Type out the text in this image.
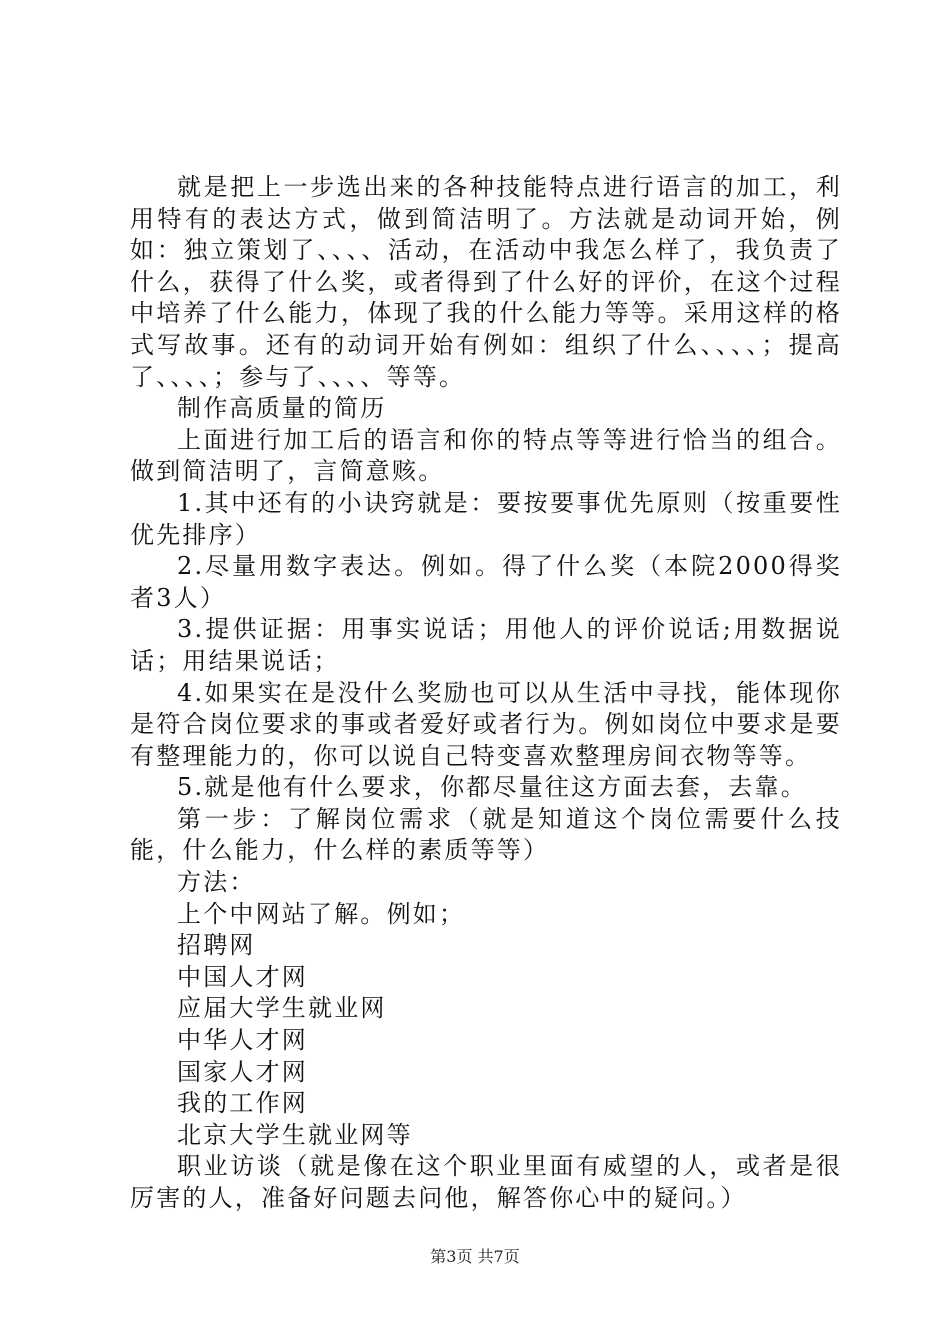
就是把上一步选出来的各种技能特点进行语言的加工，利用特有的表达方式，做到简洁明了。方法就是动词开始，例如：独立策划了、、、、活动，在活动中我怎么样了，我负责了什么，获得了什么奖，或者得到了什么好的评价，在这个过程中培养了什么能力，体现了我的什么能力等等。采用这样的格式写故事。还有的动词开始有例如：组织了什么、、、、；提高了、、、、；参与了、、、、等等。

制作高质量的简历

上面进行加工后的语言和你的特点等等进行恰当的组合。做到简洁明了，言简意赅。

1.其中还有的小诀窍就是：要按要事优先原则（按重要性优先排序）

2.尽量用数字表达。例如。得了什么奖（本院2000得奖者3人）

3.提供证据：用事实说话；用他人的评价说话;用数据说话；用结果说话；

4.如果实在是没什么奖励也可以从生活中寻找，能体现你是符合岗位要求的事或者爱好或者行为。例如岗位中要求是要有整理能力的，你可以说自己特变喜欢整理房间衣物等等。

5.就是他有什么要求，你都尽量往这方面去套，去靠。

第一步：了解岗位需求（就是知道这个岗位需要什么技能，什么能力，什么样的素质等等）

方法：

上个中网站了解。例如；

招聘网

中国人才网

应届大学生就业网

中华人才网

国家人才网

我的工作网

北京大学生就业网等

职业访谈（就是像在这个职业里面有威望的人，或者是很厉害的人，准备好问题去问他，解答你心中的疑问。）

第3页 共7页
